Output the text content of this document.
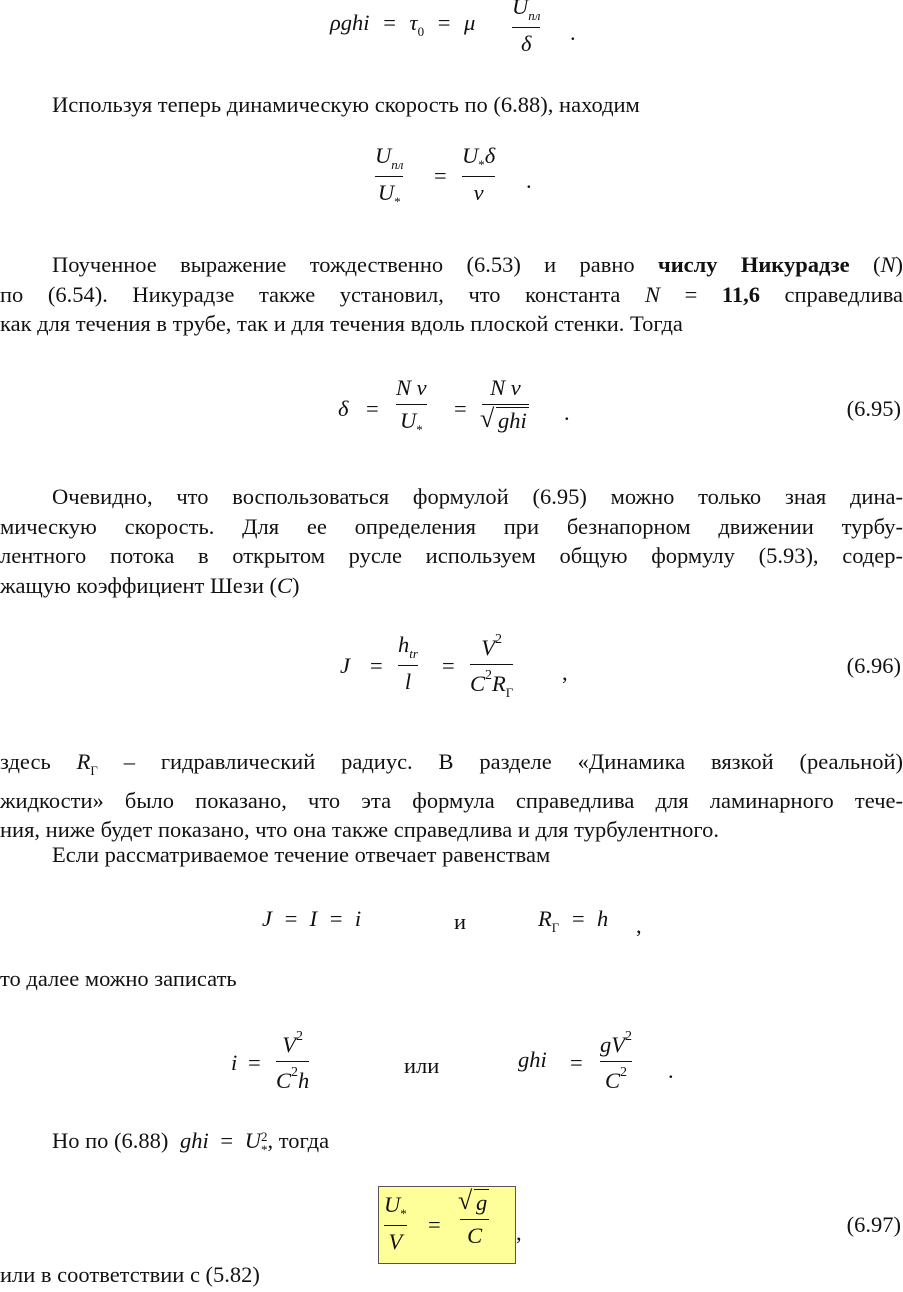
$\rho ghi = \tau_0 = \mu$
$U_{пл}$
δ .
Используя теперь динамическую скорость по (6.88), находим
$U_{пл}$
$U_*$
=
$U_*\delta$
ν .
Поученное выражение тождественно (6.53) и равно числу Никурадзе (N)
по (6.54). Никурадзе также установил, что константа N = 11,6 справедлива
как для течения в трубе, так и для течения вдоль плоской стенки. Тогда
δ =
N ν
$U_*$
=
N ν
√ ghi .	(6.95)
Очевидно, что воспользоваться формулой (6.95) можно только зная дина-
мическую скорость. Для ее определения при безнапорном движении турбу-
лентного потока в открытом русле используем общую формулу (5.93), содер-
жащую коэффициент Шези (C)
J =
$h_{tr}$
l
=
$V^2$
$C^2R_Г$
,	(6.96)
здесь $R_Г$ – гидравлический радиус. В разделе «Динамика вязкой (реальной)
жидкости» было показано, что эта формула справедлива для ламинарного тече-
ния, ниже будет показано, что она также справедлива и для турбулентного.
Если рассматриваемое течение отвечает равенствам
J  =  I  =  i	и	$R_Г = h$ ,
то далее можно записать
i =
$V^2$
$C^2h$
или	ghi =
$gV^2$
$C^2$ .
Но по (6.88) ghi = U 2
* , тогда
$U_*$
V
=
√ g
C ,	(6.97)
или в соответствии с (5.82)
